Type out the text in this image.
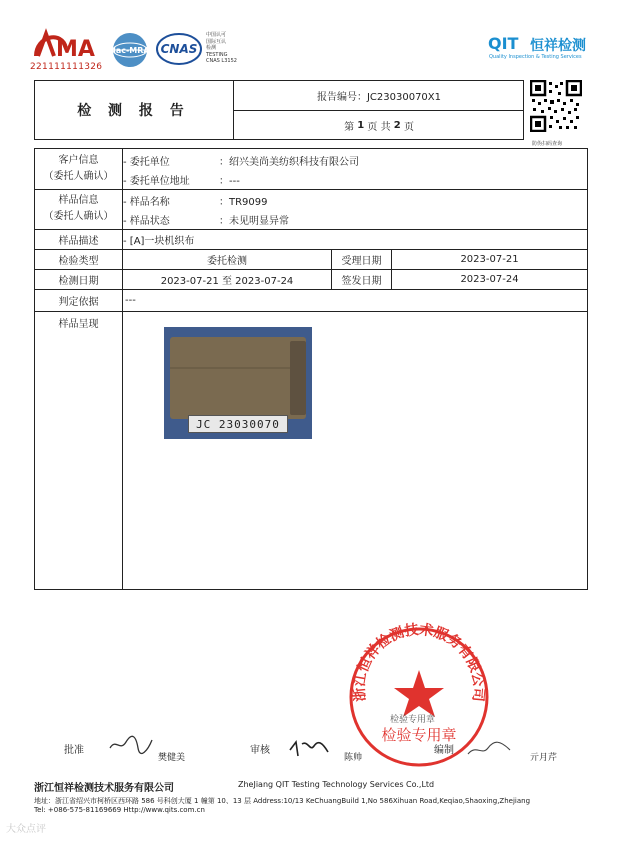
MA
221111111326
ilac-MRA CNAS
中国认可
国际互认
检测
TESTING
CNAS L3152
QIT 恒祥检测
Quality Inspection & Testing Services
检 测 报 告
报告编号：JC23030070X1
第
1
页 共
2
页
防伪扫码查询
客户信息
（委托人确认）
- 委托单位	：绍兴美尚美纺织科技有限公司
- 委托单位地址	：---
样品信息
（委托人确认）
- 样品名称	：TR9099
- 样品状态	：未见明显异常
样品描述	- [A]一块机织布
检验类型	委托检测	受理日期	2023-07-21
检测日期	2023-07-21 至 2023-07-24	签发日期	2023-07-24
判定依据	---
样品呈现
JC 23030070
浙江恒祥检测技术服务有限公司
检验专用章
检验专用章
批准
樊健美
审核
陈帅
编制
亓月芹
浙江恒祥检测技术服务有限公司	ZheJiang QIT Testing Technology Services Co.,Ltd
地址：浙江省绍兴市柯桥区西环路 586 号科创大厦 1 幢第 10、13 层 Address:10/13 KeChuangBuild 1,No 586Xihuan Road,Keqiao,Shaoxing,Zhejiang
Tel: +086-575-81169669 Http://www.qits.com.cn
大众点评
